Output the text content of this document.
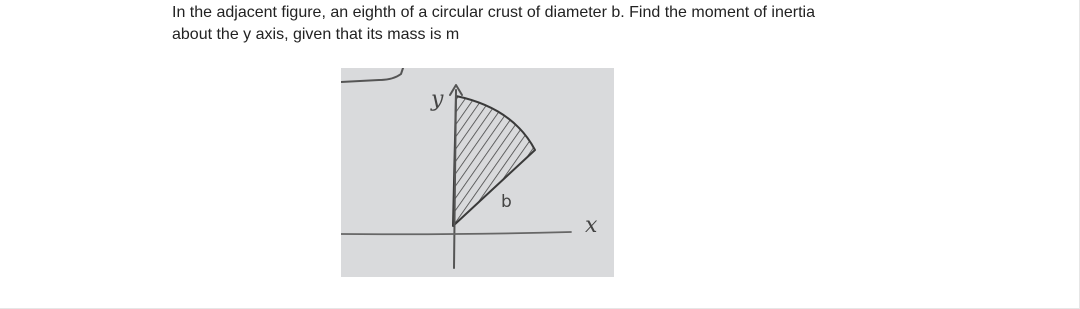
In the adjacent figure, an eighth of a circular crust of diameter b. Find the moment of inertia
about the y axis, given that its mass is m

y
b
x
